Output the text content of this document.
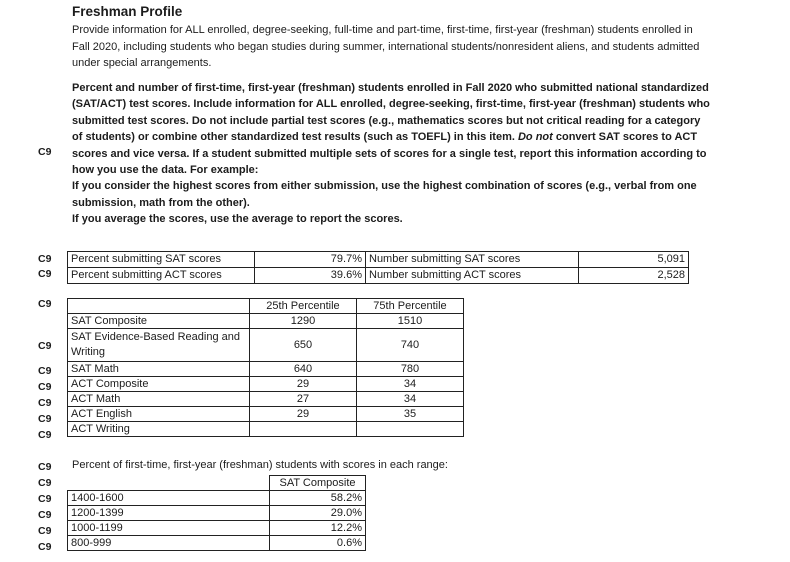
Freshman Profile
Provide information for ALL enrolled, degree-seeking, full-time and part-time, first-time, first-year (freshman) students enrolled in Fall 2020, including students who began studies during summer, international students/nonresident aliens, and students admitted under special arrangements.

Percent and number of first-time, first-year (freshman) students enrolled in Fall 2020 who submitted national standardized (SAT/ACT) test scores. Include information for ALL enrolled, degree-seeking, first-time, first-year (freshman) students who submitted test scores. Do not include partial test scores (e.g., mathematics scores but not critical reading for a category of students) or combine other standardized test results (such as TOEFL) in this item. Do not convert SAT scores to ACT scores and vice versa. If a student submitted multiple sets of scores for a single test, report this information according to how you use the data. For example:

If you consider the highest scores from either submission, use the highest combination of scores (e.g., verbal from one submission, math from the other).

If you average the scores, use the average to report the scores.

C9
C9
C9
C9
C9
C9
C9
C9
C9
C9
C9
C9
C9
C9
C9
C9
Percent submitting SAT scores	79.7%	Number submitting SAT scores	5,091
Percent submitting ACT scores	39.6%	Number submitting ACT scores	2,528
	25th Percentile	75th Percentile
SAT Composite	1290	1510
SAT Evidence-Based Reading and Writing	650	740
SAT Math	640	780
ACT Composite	29	34
ACT Math	27	34
ACT English	29	35
ACT Writing		
Percent of first-time, first-year (freshman) students with scores in each range:
	SAT Composite
1400-1600	58.2%
1200-1399	29.0%
1000-1199	12.2%
800-999	0.6%
